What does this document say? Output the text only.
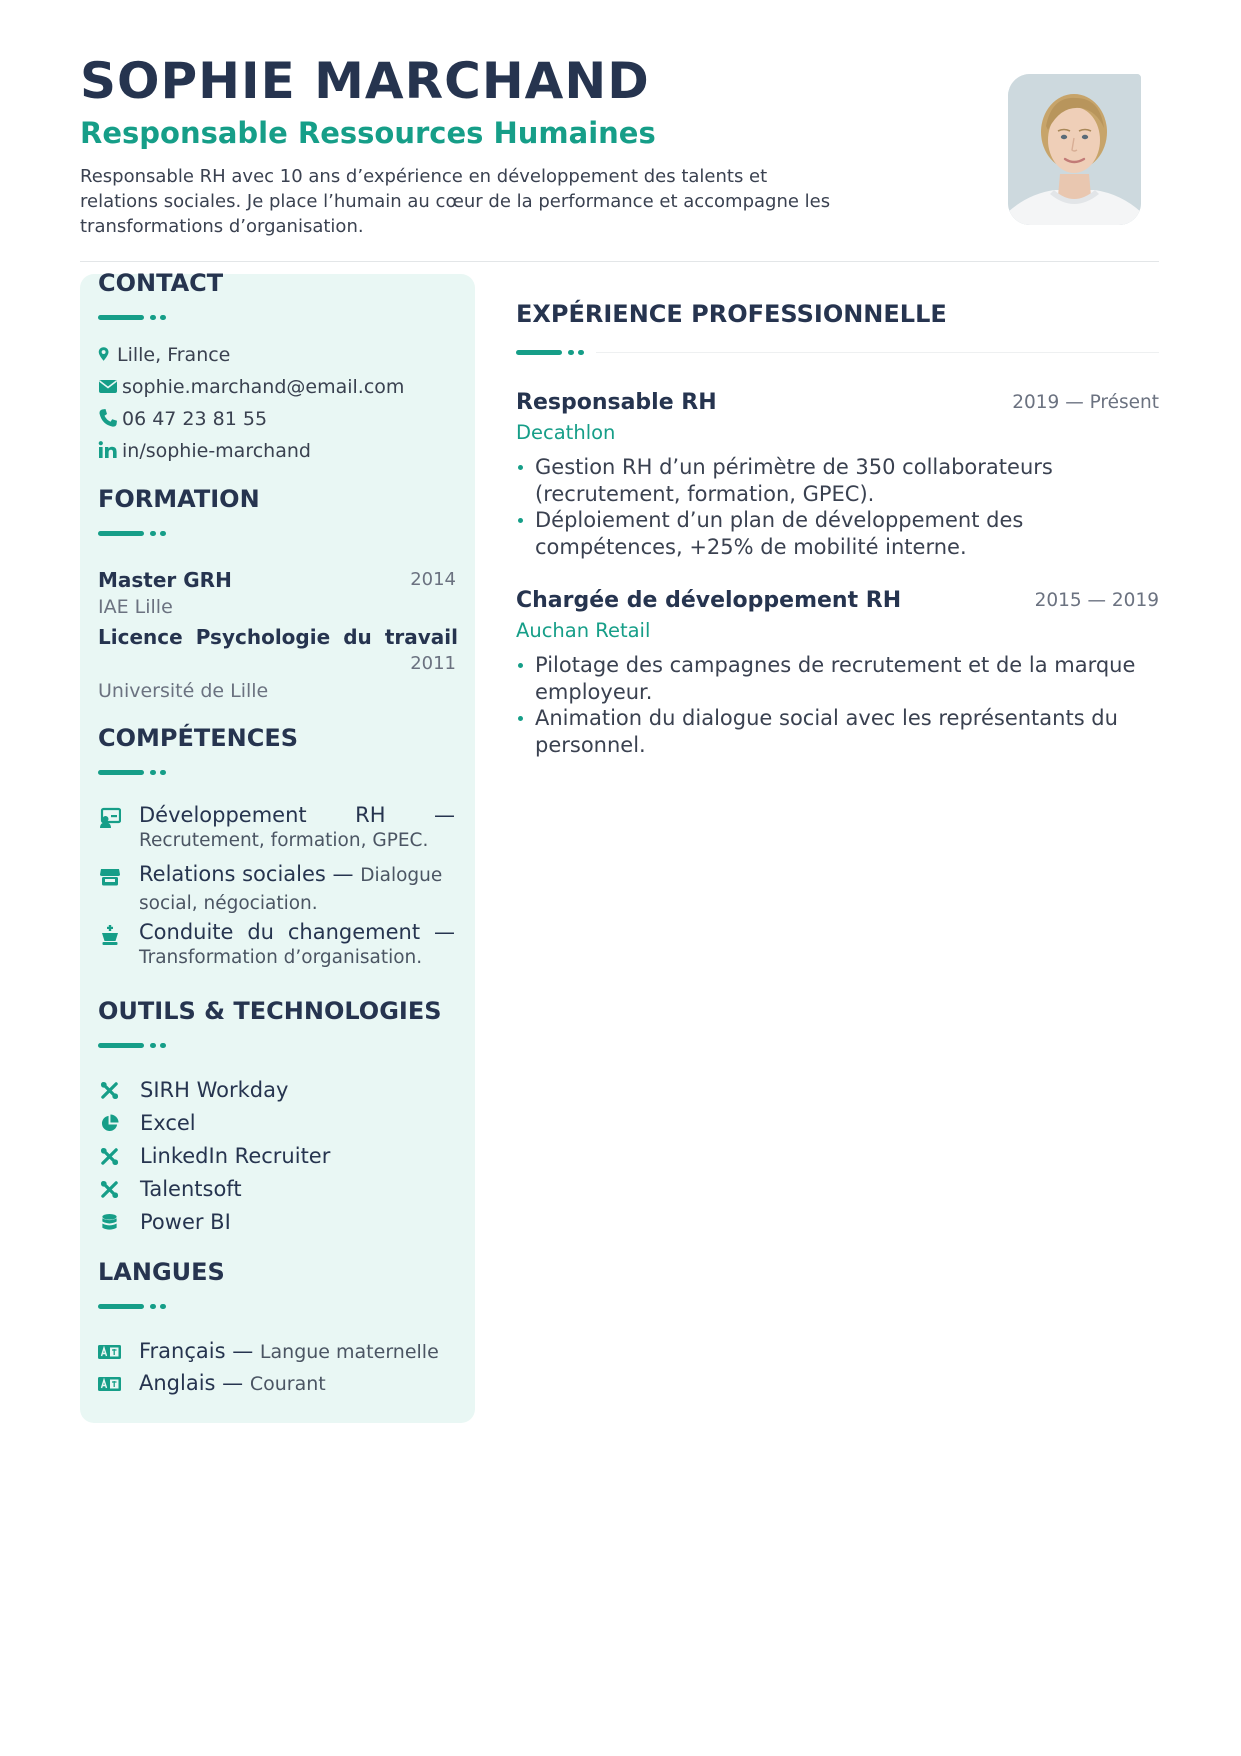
SOPHIE MARCHAND
Responsable Ressources Humaines

Responsable RH avec 10 ans d’expérience en développement des talents et relations sociales. Je place l’humain au cœur de la performance et accompagne les transformations d’organisation.

CONTACT
Lille, France
sophie.marchand@email.com
06 47 23 81 55
in/sophie-marchand
FORMATION
Master GRH	2014
IAE Lille
Licence Psychologie du travail
2011
Université de Lille
COMPÉTENCES
Développement RH —
Recrutement, formation, GPEC.
Relations sociales — Dialogue social, négociation.
Conduite du changement —
Transformation d’organisation.
OUTILS & TECHNOLOGIES
SIRH Workday
Excel
LinkedIn Recruiter
Talentsoft
Power BI
LANGUES
Français — Langue maternelle
Anglais — Courant
EXPÉRIENCE PROFESSIONNELLE
Responsable RH	2019 — Présent
Decathlon
Gestion RH d’un périmètre de 350 collaborateurs (recrutement, formation, GPEC).
Déploiement d’un plan de développement des compétences, +25% de mobilité interne.
Chargée de développement RH	2015 — 2019
Auchan Retail
Pilotage des campagnes de recrutement et de la marque employeur.
Animation du dialogue social avec les représentants du personnel.
